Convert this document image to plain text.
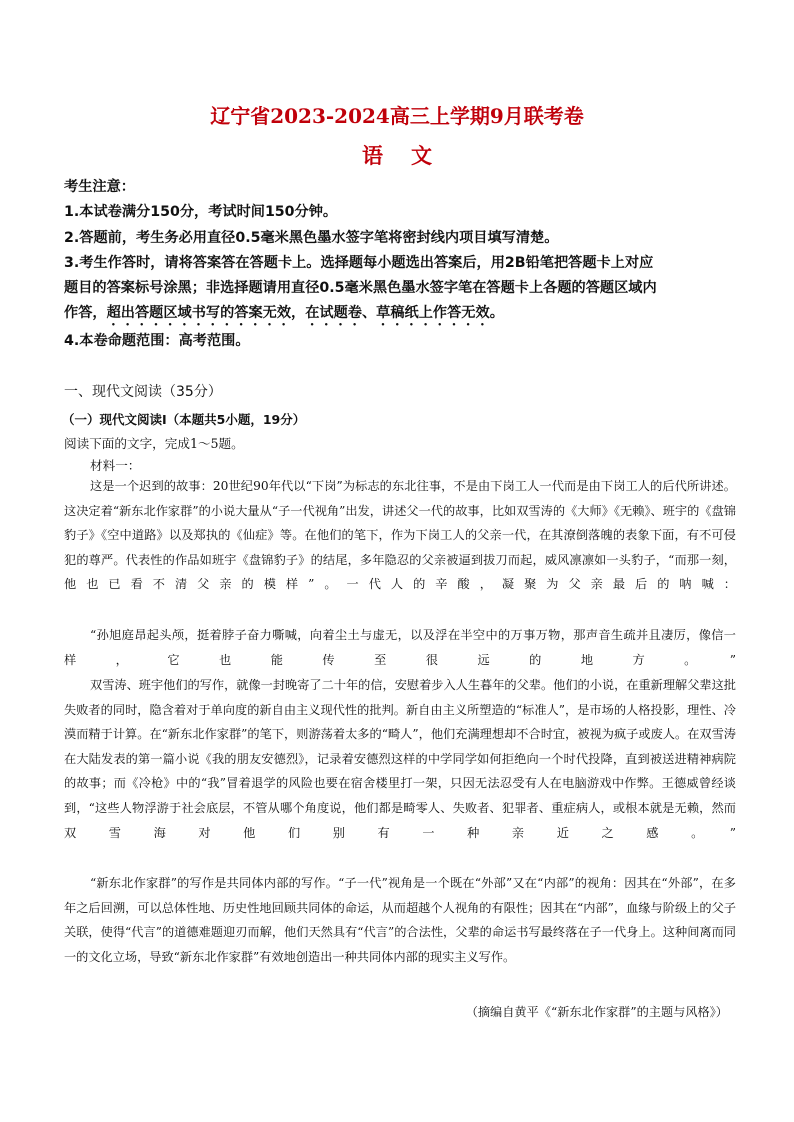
辽宁省2023-2024高三上学期9月联考卷
语文
考生注意：
1.本试卷满分150分，考试时间150分钟。
2.答题前，考生务必用直径0.5毫米黑色墨水签字笔将密封线内项目填写清楚。
3.考生作答时，请将答案答在答题卡上。选择题每小题选出答案后，用2B铅笔把答题卡上对应
题目的答案标号涂黑；非选择题请用直径0.5毫米黑色墨水签字笔在答题卡上各题的答题区域内
作答，超出答题区域书写的答案无效，在试题卷、草稿纸上作答无效。
4.本卷命题范围：高考范围。
一、现代文阅读（35分）
（一）现代文阅读Ⅰ（本题共5小题，19分）
阅读下面的文字，完成1～5题。
材料一：
这是一个迟到的故事：20世纪90年代以“下岗”为标志的东北往事，不是由下岗工人一代而是由下岗工人的后代所讲述。这决定着“新东北作家群”的小说大量从“子一代视角”出发，讲述父一代的故事，比如双雪涛的《大师》《无赖》、班宇的《盘锦豹子》《空中道路》以及郑执的《仙症》等。在他们的笔下，作为下岗工人的父亲一代，在其潦倒落魄的表象下面，有不可侵犯的尊严。代表性的作品如班宇《盘锦豹子》的结尾，多年隐忍的父亲被逼到拔刀而起，威风凛凛如一头豹子，“而那一刻，他也已看不清父亲的模样”。一代人的辛酸，凝聚为父亲最后的呐喊：
“孙旭庭昂起头颅，挺着脖子奋力嘶喊，向着尘土与虚无，以及浮在半空中的万事万物，那声音生疏并且凄厉，像信一样，它也能传至很远的地方。”
双雪涛、班宇他们的写作，就像一封晚寄了二十年的信，安慰着步入人生暮年的父辈。他们的小说，在重新理解父辈这批失败者的同时，隐含着对于单向度的新自由主义现代性的批判。新自由主义所塑造的“标准人”，是市场的人格投影，理性、冷漠而精于计算。在“新东北作家群”的笔下，则游荡着太多的“畸人”，他们充满理想却不合时宜，被视为疯子或废人。在双雪涛在大陆发表的第一篇小说《我的朋友安德烈》，记录着安德烈这样的中学同学如何拒绝向一个时代投降，直到被送进精神病院的故事；而《冷枪》中的“我”冒着退学的风险也要在宿舍楼里打一架，只因无法忍受有人在电脑游戏中作弊。王德威曾经谈到，“这些人物浮游于社会底层，不管从哪个角度说，他们都是畸零人、失败者、犯罪者、重症病人，或根本就是无赖，然而双雪海对他们别有一种亲近之感。”
“新东北作家群”的写作是共同体内部的写作。“子一代”视角是一个既在“外部”又在“内部”的视角：因其在“外部”，在多年之后回溯，可以总体性地、历史性地回顾共同体的命运，从而超越个人视角的有限性；因其在“内部”，血缘与阶级上的父子关联，使得“代言”的道德难题迎刃而解，他们天然具有“代言”的合法性，父辈的命运书写最终落在子一代身上。这种间离而同一的文化立场，导致“新东北作家群”有效地创造出一种共同体内部的现实主义写作。
（摘编自黄平《“新东北作家群”的主题与风格》）
